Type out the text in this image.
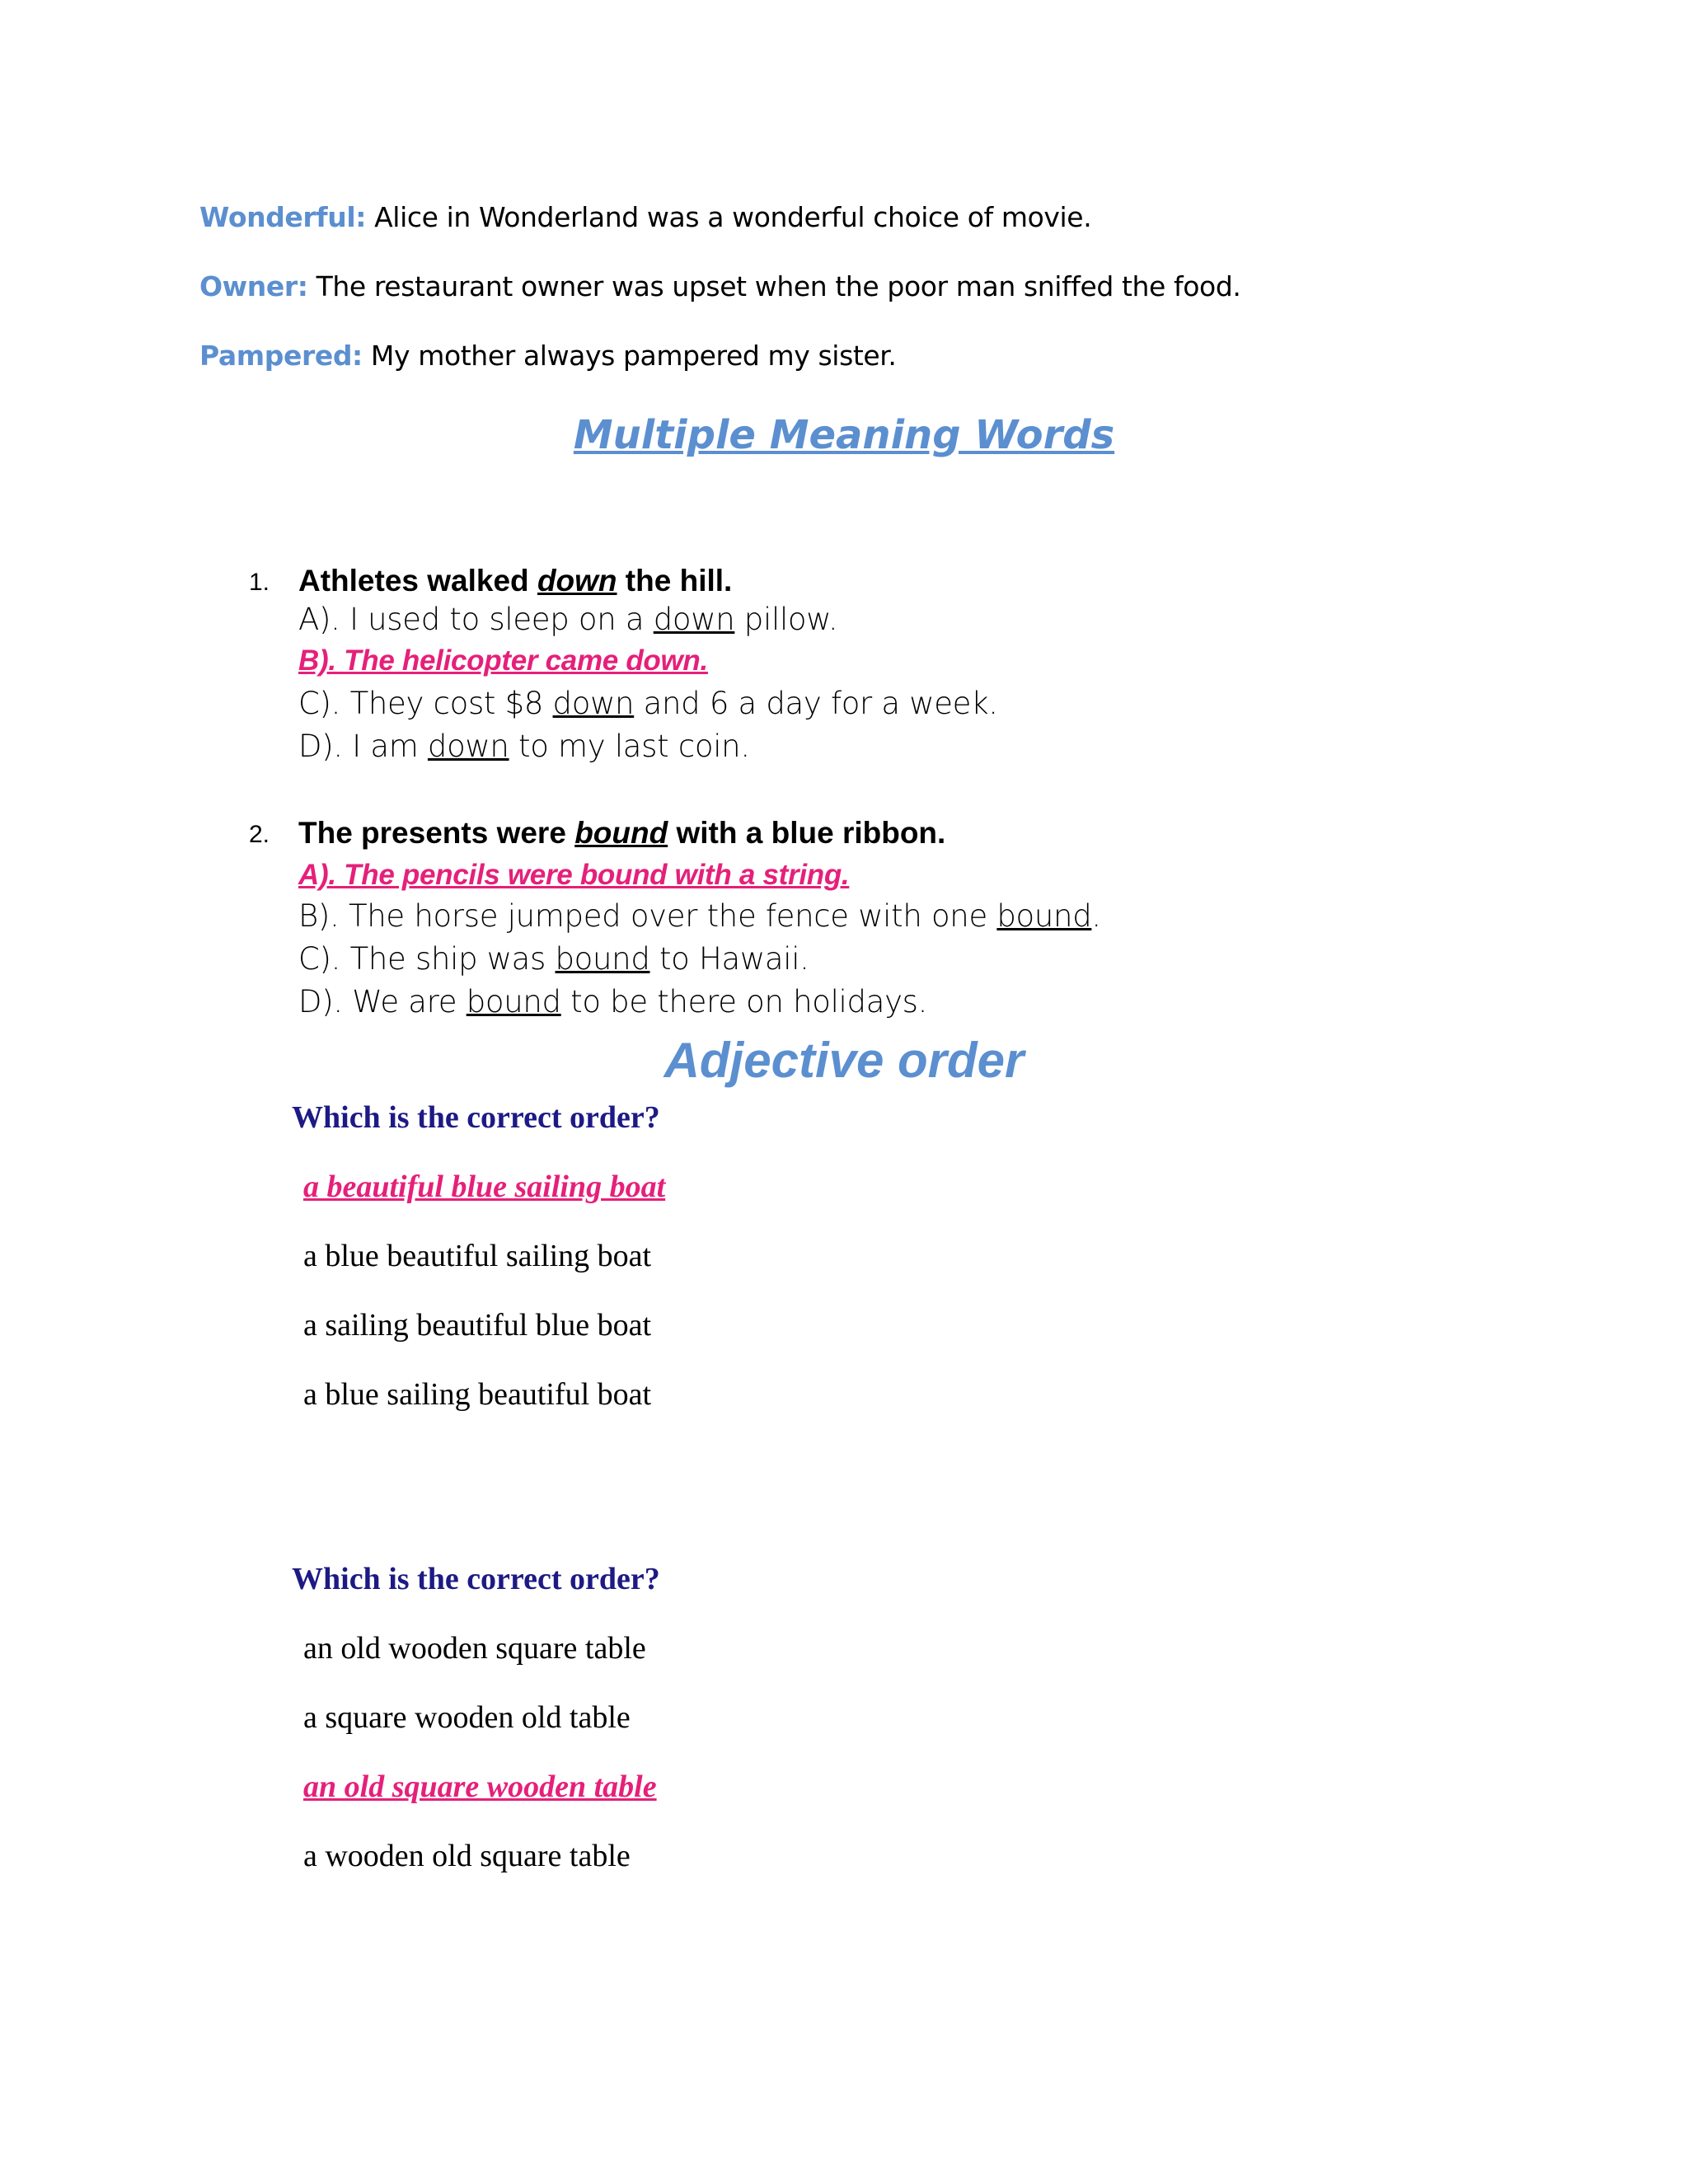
Wonderful: Alice in Wonderland was a wonderful choice of movie.
Owner: The restaurant owner was upset when the poor man sniffed the food.
Pampered: My mother always pampered my sister.
Multiple Meaning Words
1. Athletes walked down the hill.
A). I used to sleep on a down pillow.
B). The helicopter came down.
C). They cost $8 down and 6 a day for a week.
D). I am down to my last coin.
2. The presents were bound with a blue ribbon.
A). The pencils were bound with a string.
B). The horse jumped over the fence with one bound.
C). The ship was bound to Hawaii.
D). We are bound to be there on holidays.
Adjective order
Which is the correct order?
a beautiful blue sailing boat
a blue beautiful sailing boat
a sailing beautiful blue boat
a blue sailing beautiful boat
Which is the correct order?
an old wooden square table
a square wooden old table
an old square wooden table
a wooden old square table
